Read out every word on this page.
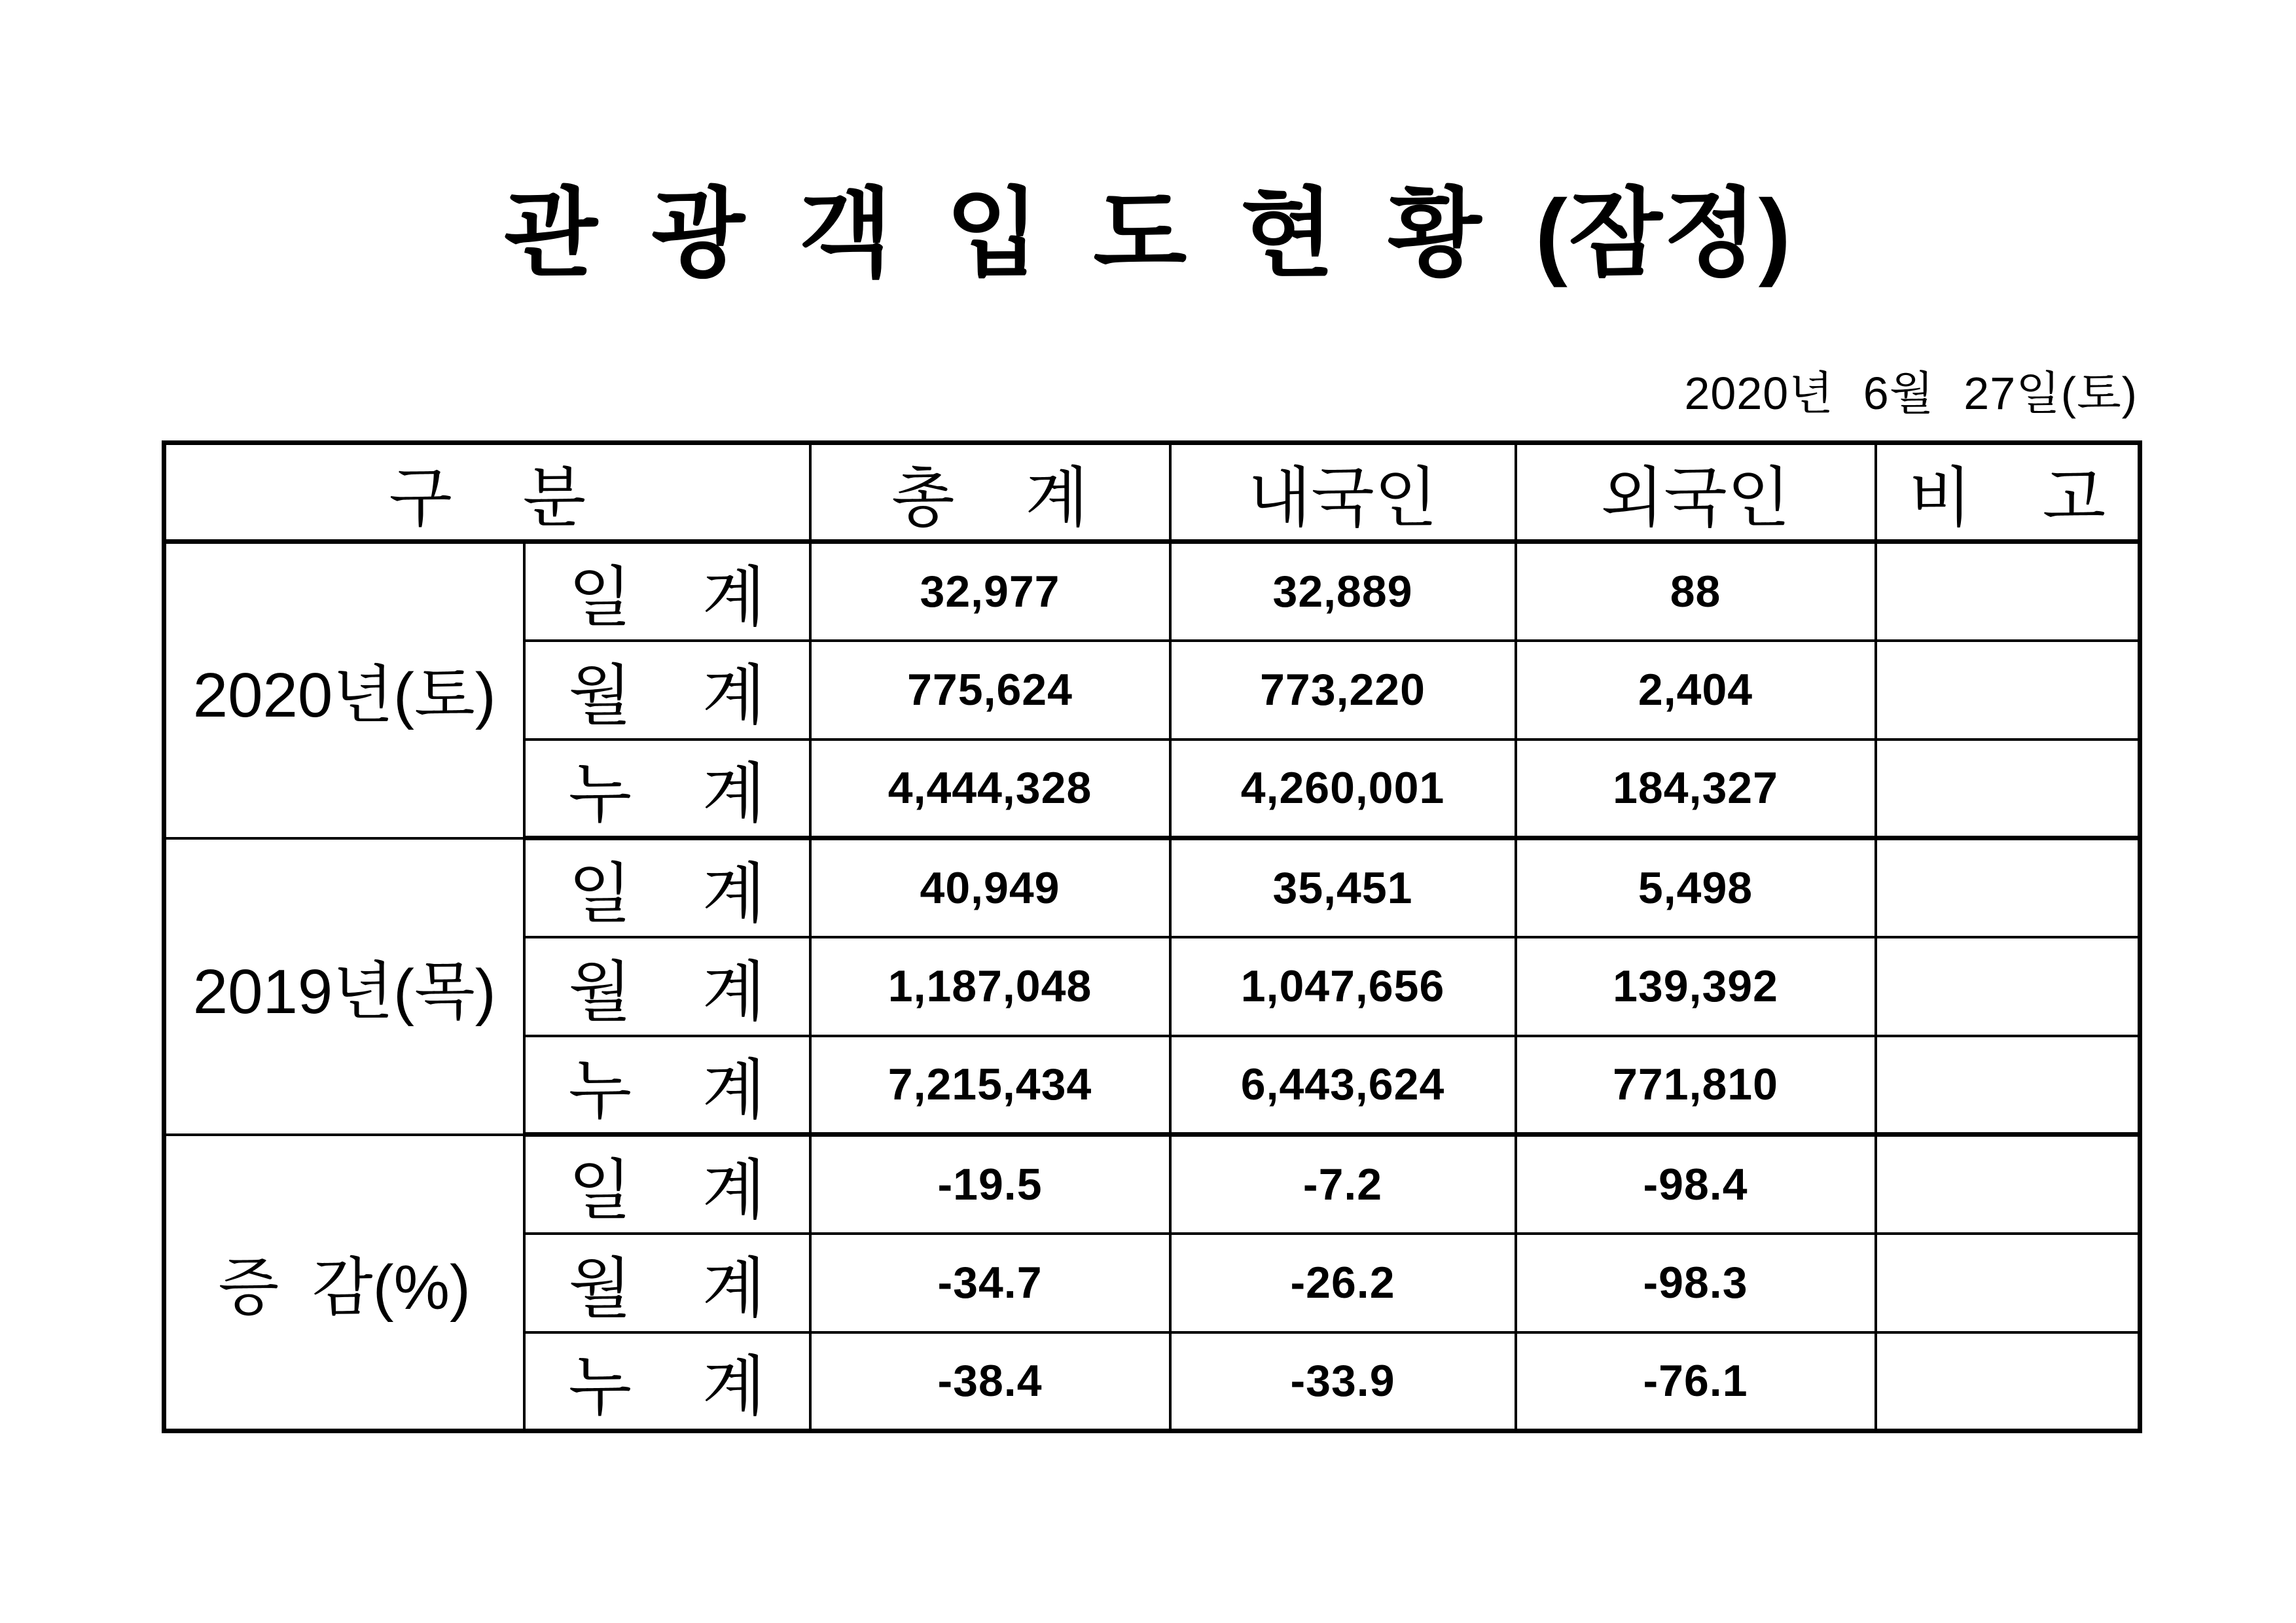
관 광 객 입 도 현 황 (잠정)
2020년 6월 27일(토)
구 분		총 계	내국인	외국인	비 고
2020년(토)	일 계	32,977	32,889	88	
	월 계	775,624	773,220	2,404	
	누 계	4,444,328	4,260,001	184,327	
2019년(목)	일 계	40,949	35,451	5,498	
	월 계	1,187,048	1,047,656	139,392	
	누 계	7,215,434	6,443,624	771,810	
증 감(%)	일 계	-19.5	-7.2	-98.4	
	월 계	-34.7	-26.2	-98.3	
	누 계	-38.4	-33.9	-76.1	
